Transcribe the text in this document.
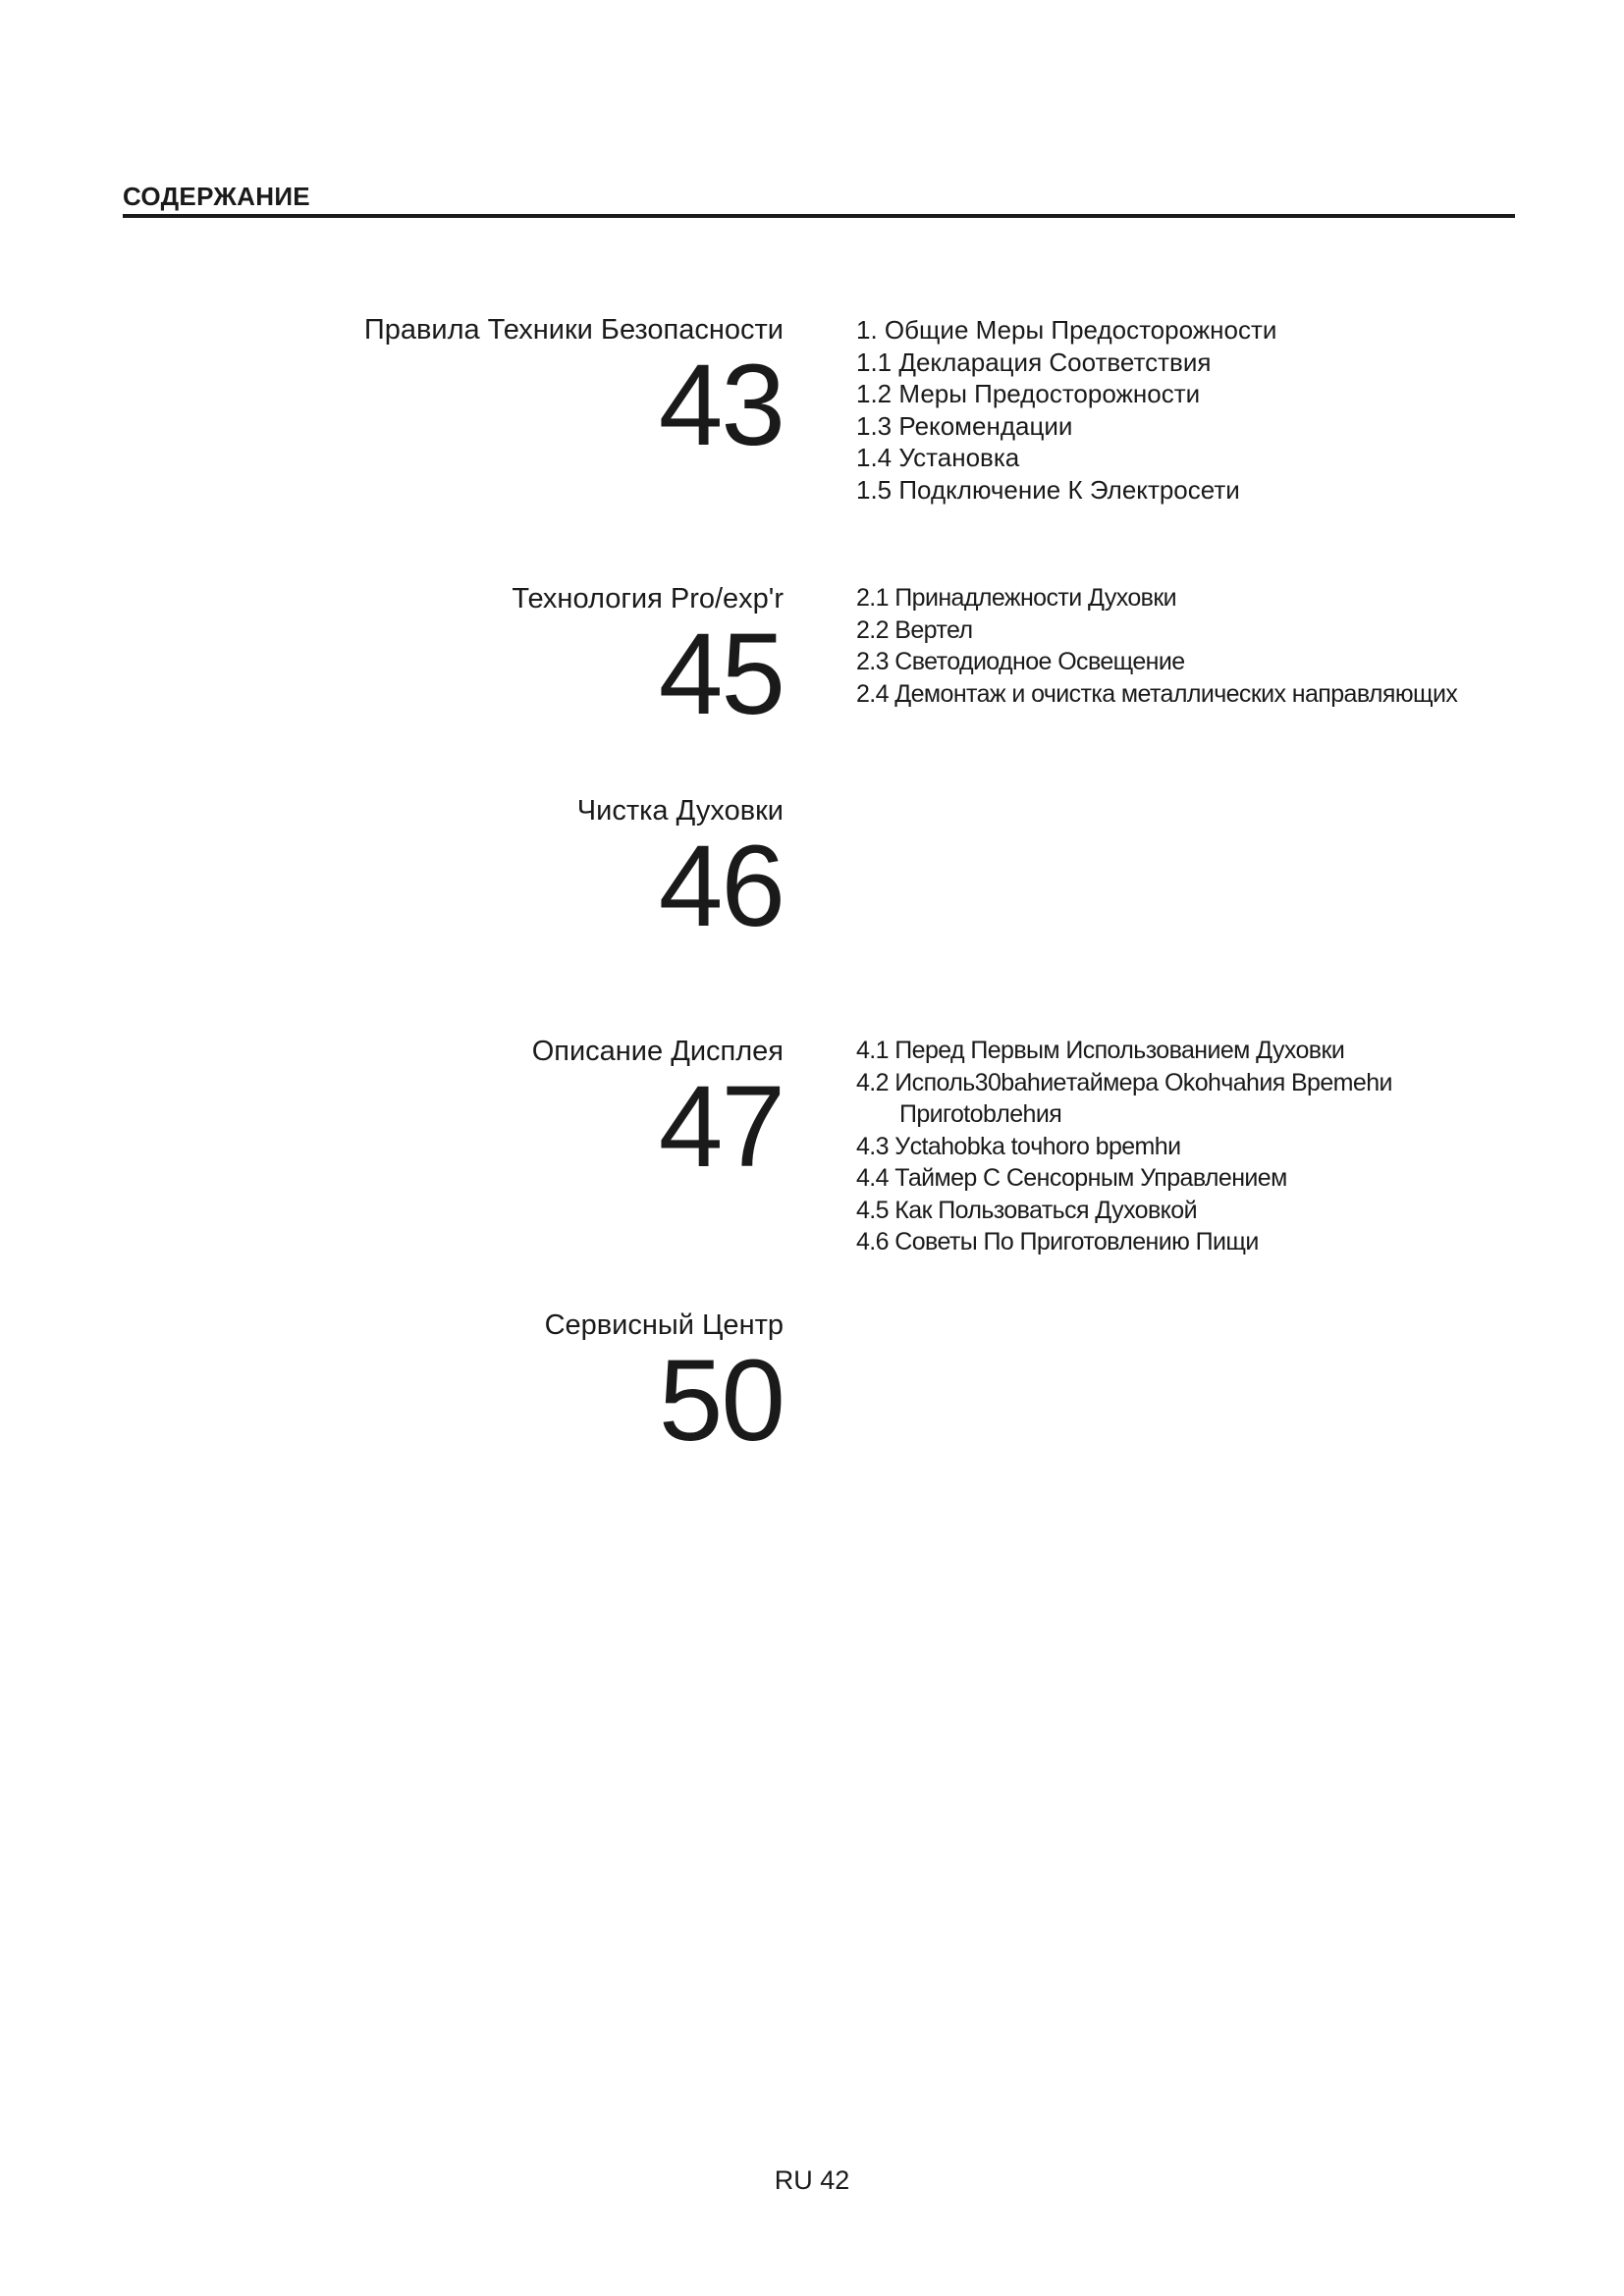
СОДЕРЖАНИЕ
Правила Техники Безопасности
43
1. Общие Меры Предосторожности
1.1 Декларация Соответствия
1.2 Меры Предосторожности
1.3 Рекомендации
1.4 Установка
1.5 Подключение К Электросети
Технология Pro/exp'r
45
2.1 Принадлежности Духовки
2.2 Вертел
2.3 Светодиодное Освещение
2.4 Демонтаж и очистка металлических направляющих
Чистка Духовки
46
Описание Дисплея
47
4.1 Перед Первым Использованием Духовки
4.2 Исполь30bahиeтаймера Okohчahия Bpemehи
Пригоtobлehия
4.3 Уctahobka toчhoro bpemhи
4.4 Таймер С Сенсорным Управлением
4.5 Как Пользоваться Духовкой
4.6 Советы По Приготовлению Пищи
Сервисный Центр
50
RU 42
